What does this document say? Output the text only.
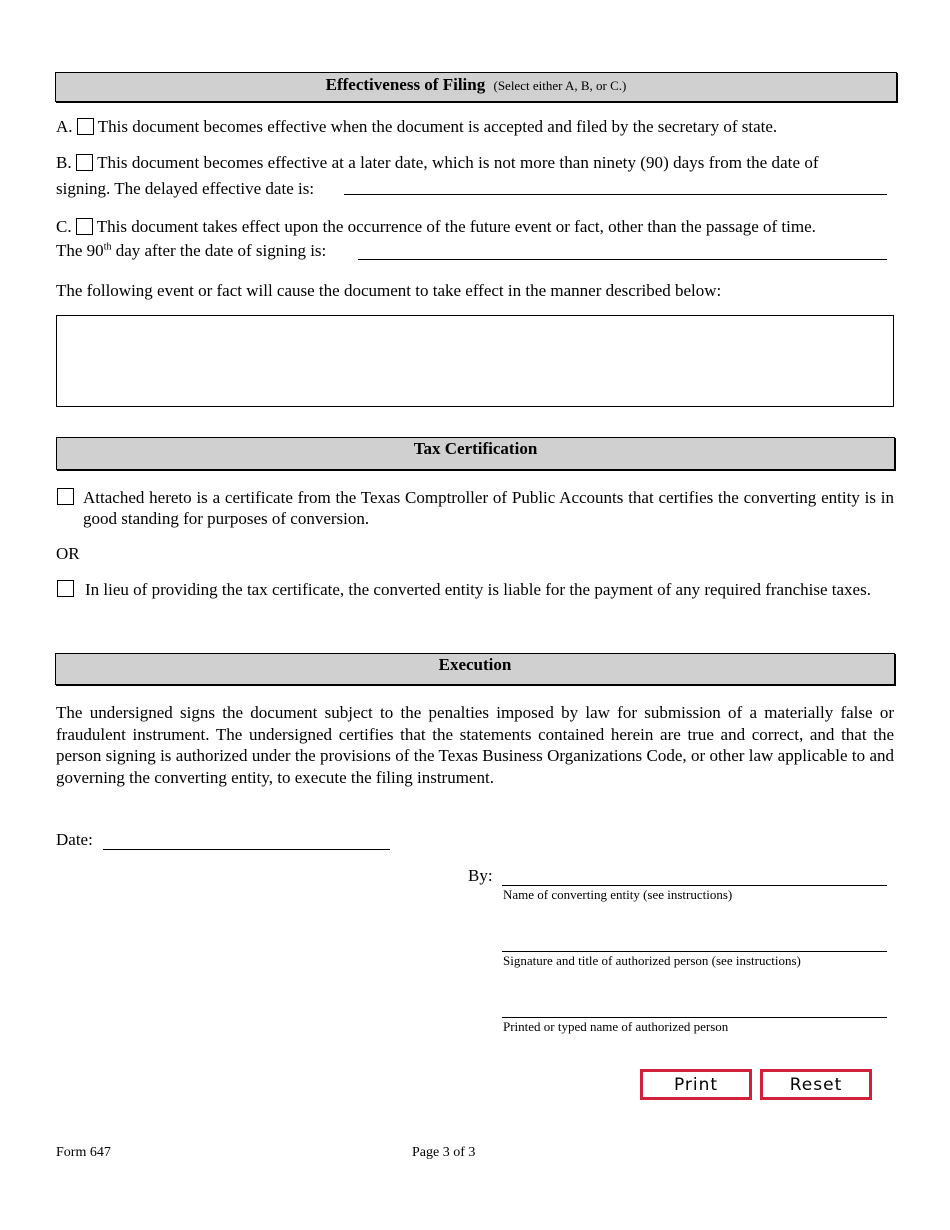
Effectiveness of Filing (Select either A, B, or C.)
A. This document becomes effective when the document is accepted and filed by the secretary of state.
B. This document becomes effective at a later date, which is not more than ninety (90) days from the date of
signing. The delayed effective date is:
C. This document takes effect upon the occurrence of the future event or fact, other than the passage of time.
The 90th day after the date of signing is:
The following event or fact will cause the document to take effect in the manner described below:
Tax Certification
Attached hereto is a certificate from the Texas Comptroller of Public Accounts that certifies the converting entity is in good standing for purposes of conversion.
OR
In lieu of providing the tax certificate, the converted entity is liable for the payment of any required franchise taxes.
Execution
The undersigned signs the document subject to the penalties imposed by law for submission of a materially false or fraudulent instrument. The undersigned certifies that the statements contained herein are true and correct, and that the person signing is authorized under the provisions of the Texas Business Organizations Code, or other law applicable to and governing the converting entity, to execute the filing instrument.
Date:
By:
Name of converting entity (see instructions)
Signature and title of authorized person (see instructions)
Printed or typed name of authorized person
Print	Reset
Form 647	Page 3 of 3
